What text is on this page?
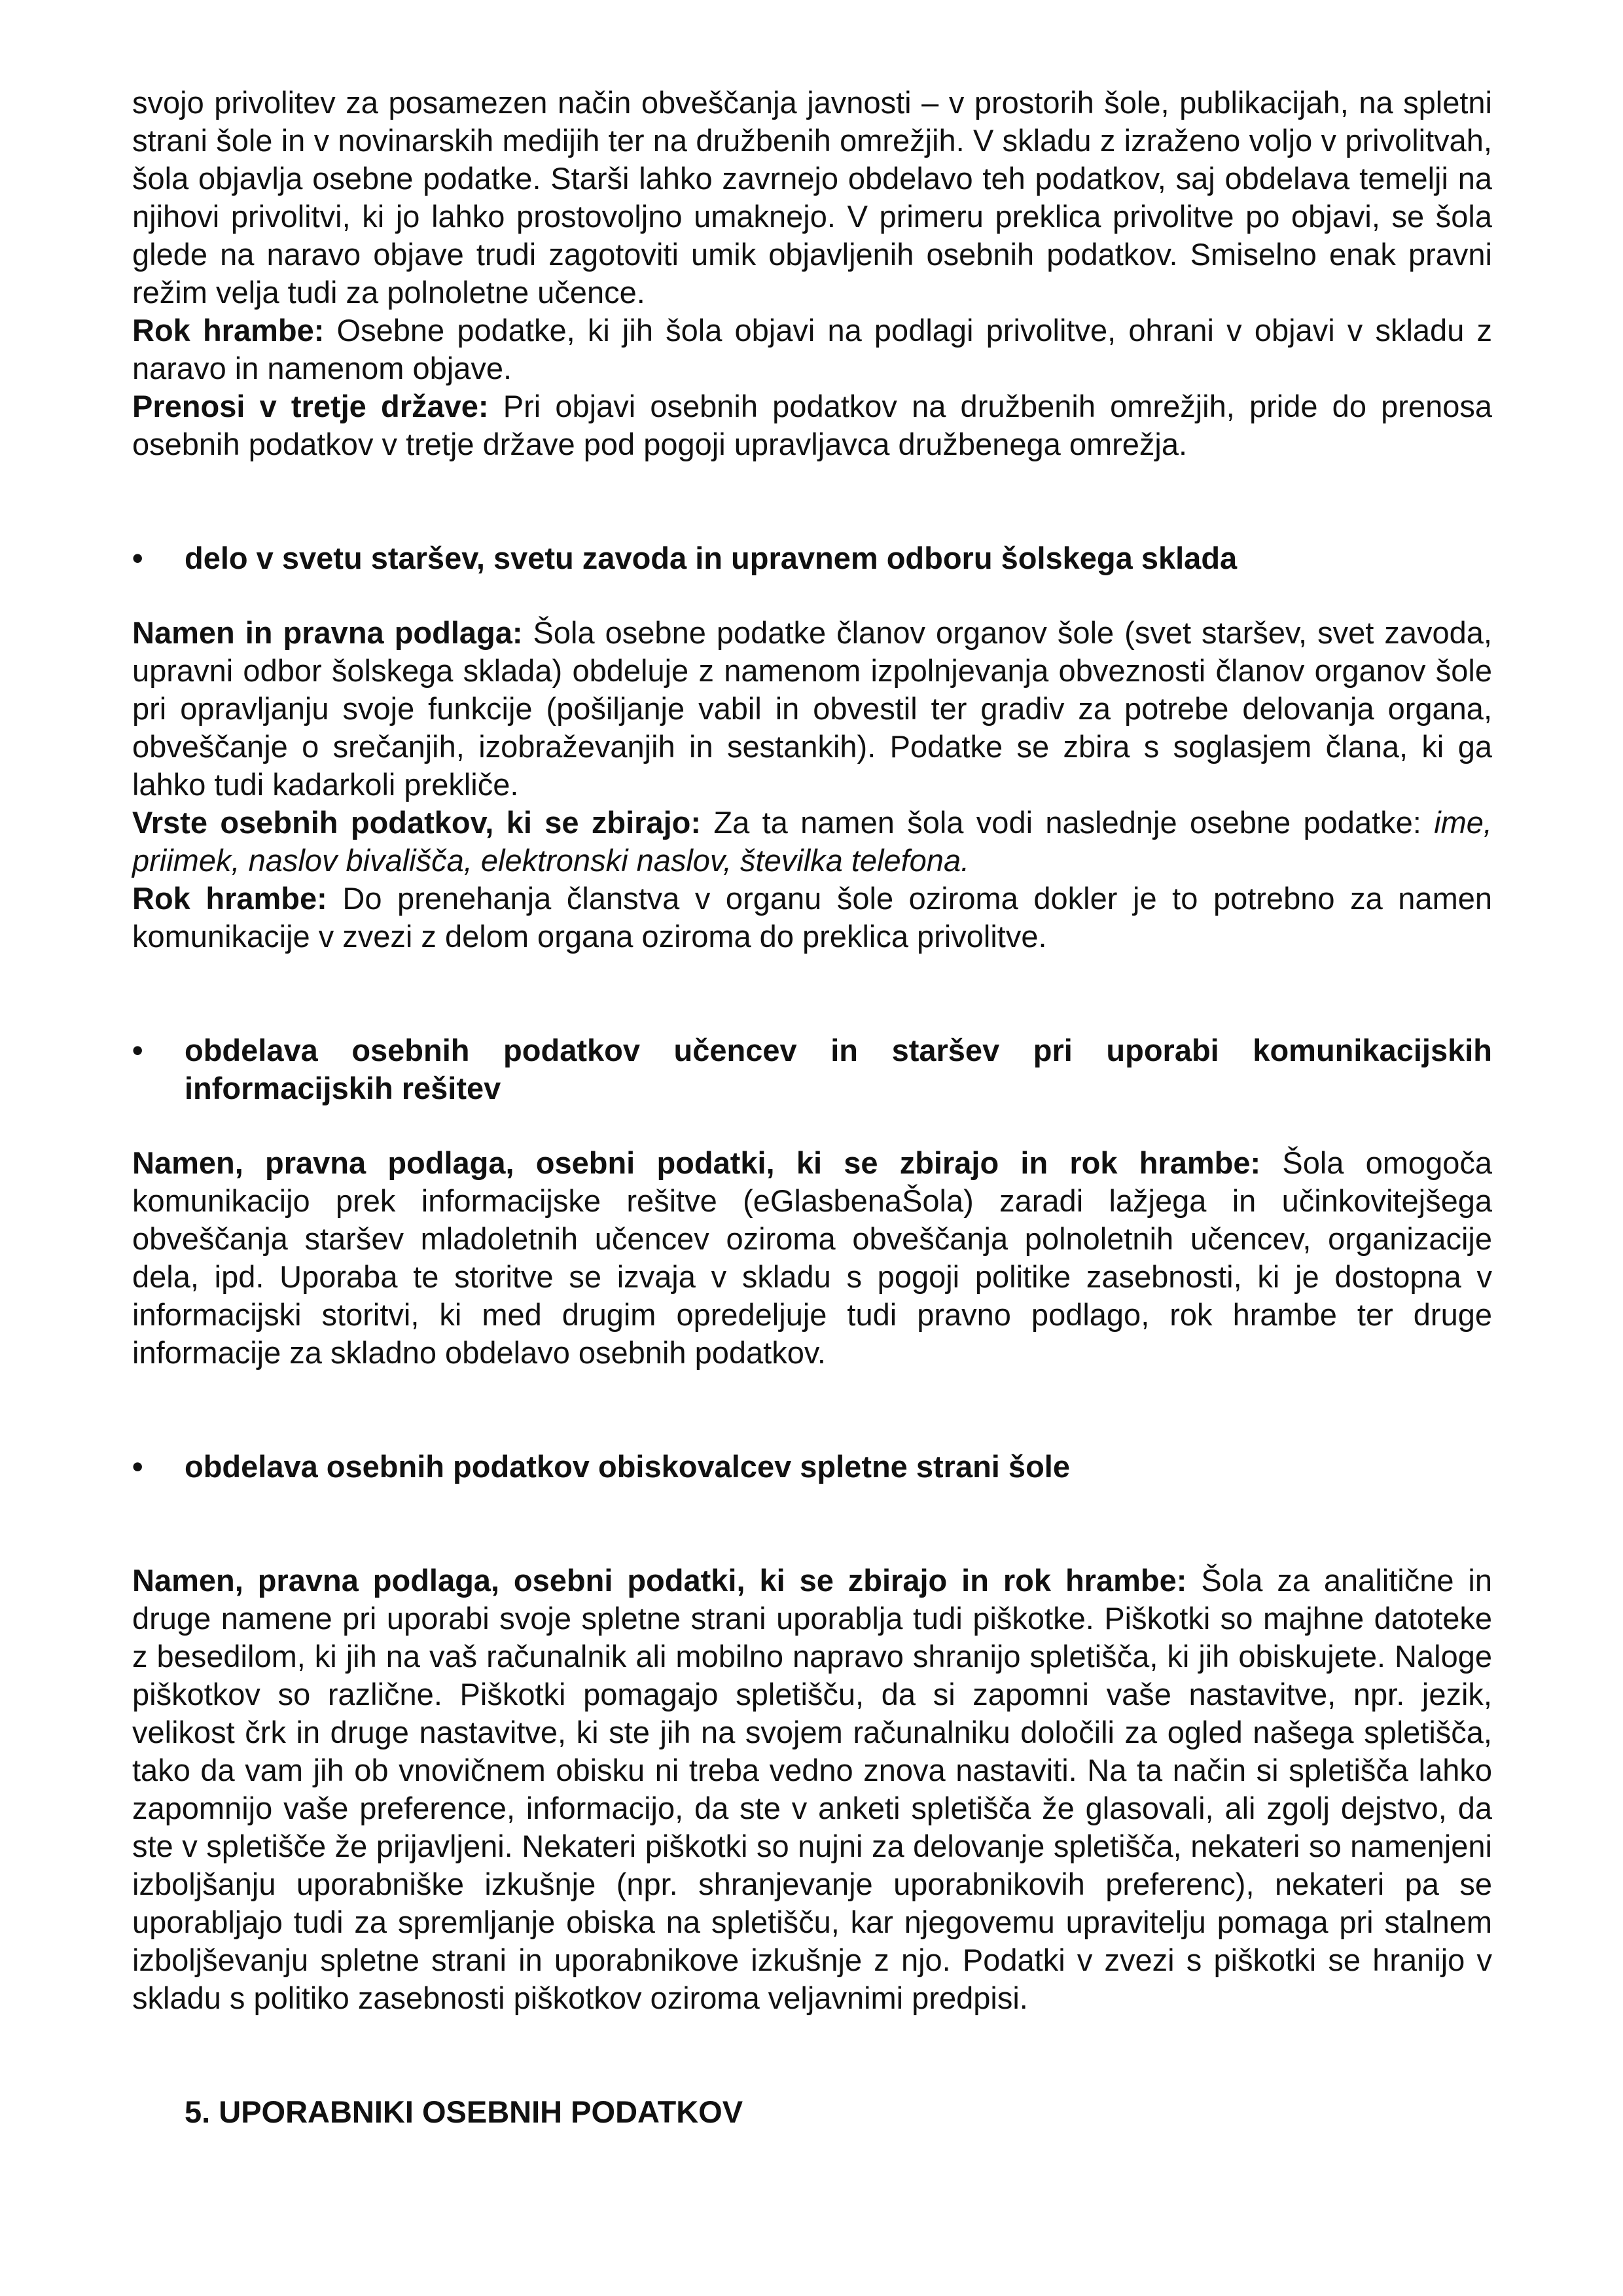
svojo privolitev za posamezen način obveščanja javnosti – v prostorih šole, publikacijah, na spletni strani šole in v novinarskih medijih ter na družbenih omrežjih. V skladu z izraženo voljo v privolitvah, šola objavlja osebne podatke. Starši lahko zavrnejo obdelavo teh podatkov, saj obdelava temelji na njihovi privolitvi, ki jo lahko prostovoljno umaknejo. V primeru preklica privolitve po objavi, se šola glede na naravo objave trudi zagotoviti umik objavljenih osebnih podatkov. Smiselno enak pravni režim velja tudi za polnoletne učence.
Rok hrambe: Osebne podatke, ki jih šola objavi na podlagi privolitve, ohrani v objavi v skladu z naravo in namenom objave.
Prenosi v tretje države: Pri objavi osebnih podatkov na družbenih omrežjih, pride do prenosa osebnih podatkov v tretje države pod pogoji upravljavca družbenega omrežja.

•	delo v svetu staršev, svetu zavoda in upravnem odboru šolskega sklada

Namen in pravna podlaga: Šola osebne podatke članov organov šole (svet staršev, svet zavoda, upravni odbor šolskega sklada) obdeluje z namenom izpolnjevanja obveznosti članov organov šole pri opravljanju svoje funkcije (pošiljanje vabil in obvestil ter gradiv za potrebe delovanja organa, obveščanje o srečanjih, izobraževanjih in sestankih). Podatke se zbira s soglasjem člana, ki ga lahko tudi kadarkoli prekliče.
Vrste osebnih podatkov, ki se zbirajo: Za ta namen šola vodi naslednje osebne podatke: ime, priimek, naslov bivališča, elektronski naslov, številka telefona.
Rok hrambe: Do prenehanja članstva v organu šole oziroma dokler je to potrebno za namen komunikacije v zvezi z delom organa oziroma do preklica privolitve.

•	obdelava osebnih podatkov učencev in staršev pri uporabi komunikacijskih informacijskih rešitev

Namen, pravna podlaga, osebni podatki, ki se zbirajo in rok hrambe: Šola omogoča komunikacijo prek informacijske rešitve (eGlasbenaŠola) zaradi lažjega in učinkovitejšega obveščanja staršev mladoletnih učencev oziroma obveščanja polnoletnih učencev, organizacije dela, ipd. Uporaba te storitve se izvaja v skladu s pogoji politike zasebnosti, ki je dostopna v informacijski storitvi, ki med drugim opredeljuje tudi pravno podlago, rok hrambe ter druge informacije za skladno obdelavo osebnih podatkov.

•	obdelava osebnih podatkov obiskovalcev spletne strani šole

Namen, pravna podlaga, osebni podatki, ki se zbirajo in rok hrambe: Šola za analitične in druge namene pri uporabi svoje spletne strani uporablja tudi piškotke. Piškotki so majhne datoteke z besedilom, ki jih na vaš računalnik ali mobilno napravo shranijo spletišča, ki jih obiskujete. Naloge piškotkov so različne. Piškotki pomagajo spletišču, da si zapomni vaše nastavitve, npr. jezik, velikost črk in druge nastavitve, ki ste jih na svojem računalniku določili za ogled našega spletišča, tako da vam jih ob vnovičnem obisku ni treba vedno znova nastaviti. Na ta način si spletišča lahko zapomnijo vaše preference, informacijo, da ste v anketi spletišča že glasovali, ali zgolj dejstvo, da ste v spletišče že prijavljeni. Nekateri piškotki so nujni za delovanje spletišča, nekateri so namenjeni izboljšanju uporabniške izkušnje (npr. shranjevanje uporabnikovih preferenc), nekateri pa se uporabljajo tudi za spremljanje obiska na spletišču, kar njegovemu upravitelju pomaga pri stalnem izboljševanju spletne strani in uporabnikove izkušnje z njo. Podatki v zvezi s piškotki se hranijo v skladu s politiko zasebnosti piškotkov oziroma veljavnimi predpisi.

5. UPORABNIKI OSEBNIH PODATKOV
